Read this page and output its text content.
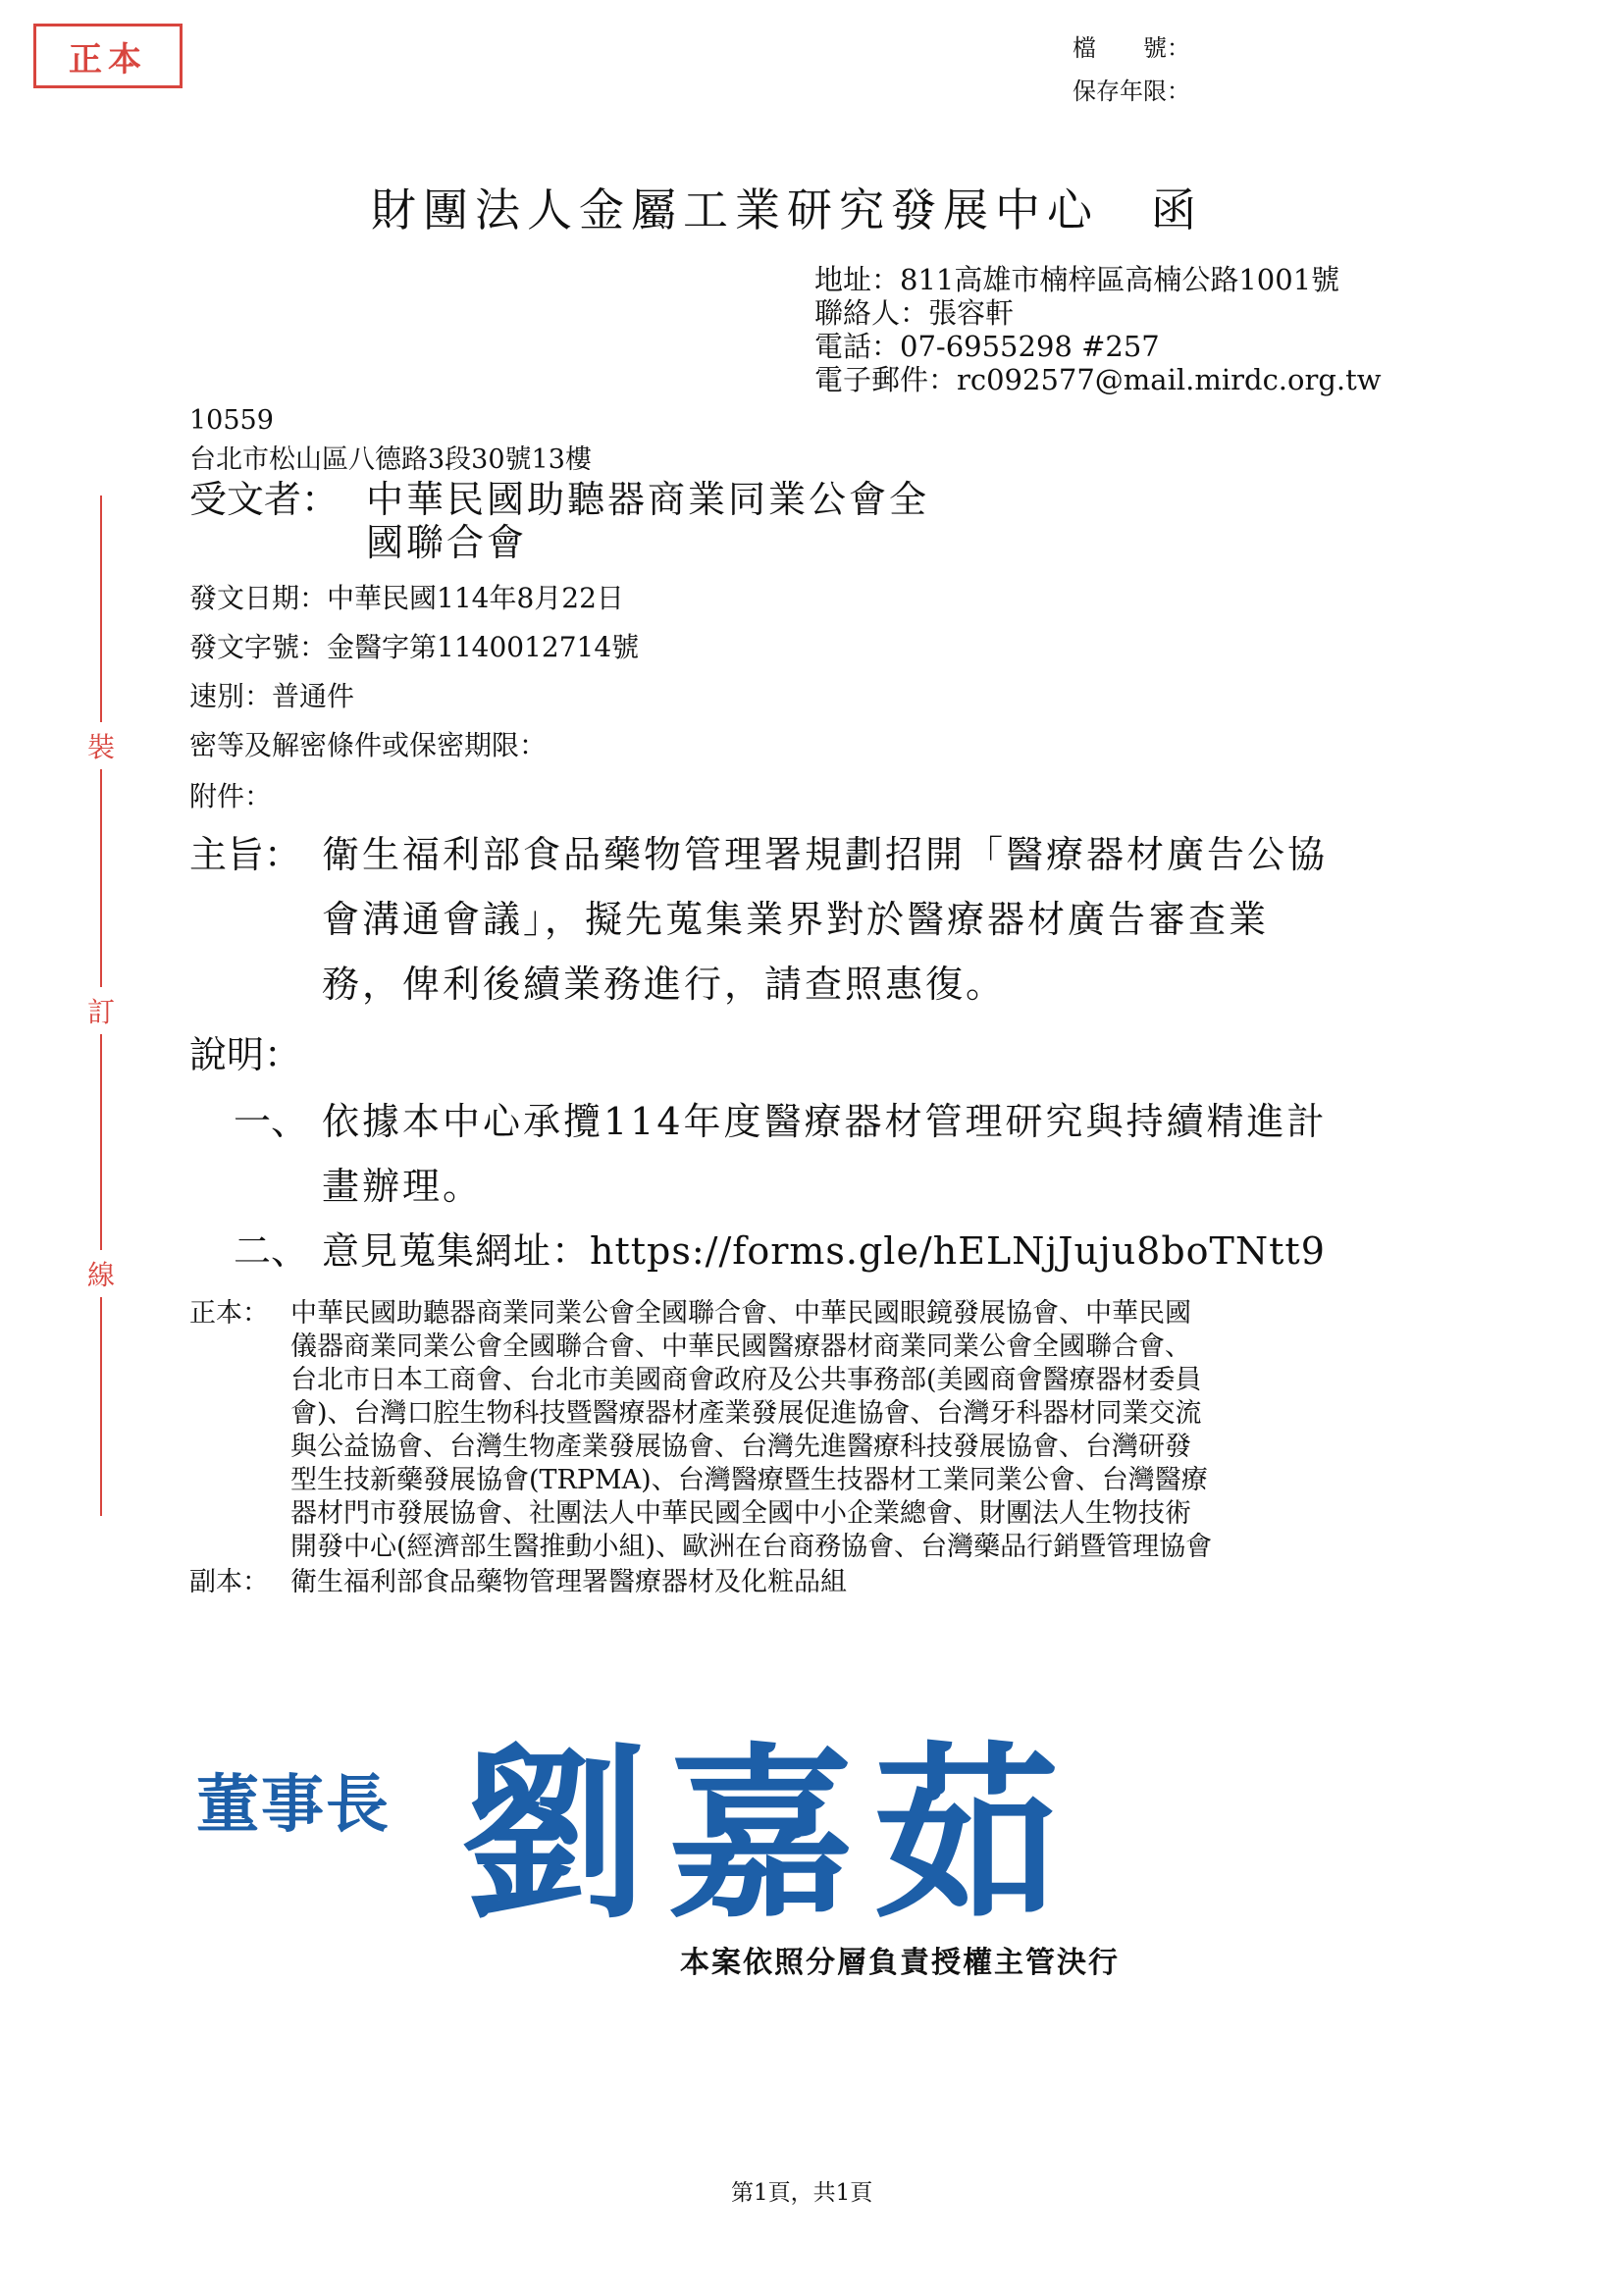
正本	檔　　號：
保存年限：
財團法人金屬工業研究發展中心　函
地址：811高雄市楠梓區高楠公路1001號
聯絡人：張容軒
電話：07-6955298 #257
電子郵件：rc092577@mail.mirdc.org.tw
10559
台北市松山區八德路3段30號13樓
受文者： 中華民國助聽器商業同業公會全
國聯合會
發文日期：中華民國114年8月22日
發文字號：金醫字第1140012714號
速別：普通件
密等及解密條件或保密期限：
附件：
主旨： 衛生福利部食品藥物管理署規劃招開「醫療器材廣告公協
會溝通會議」，擬先蒐集業界對於醫療器材廣告審查業
務，俾利後續業務進行，請查照惠復。
說明：
一、 依據本中心承攬114年度醫療器材管理研究與持續精進計
畫辦理。
二、 意見蒐集網址：https://forms.gle/hELNjJuju8boTNtt9
裝
訂
線
正本： 中華民國助聽器商業同業公會全國聯合會、中華民國眼鏡發展協會、中華民國
儀器商業同業公會全國聯合會、中華民國醫療器材商業同業公會全國聯合會、
台北市日本工商會、台北市美國商會政府及公共事務部(美國商會醫療器材委員
會)、台灣口腔生物科技暨醫療器材產業發展促進協會、台灣牙科器材同業交流
與公益協會、台灣生物產業發展協會、台灣先進醫療科技發展協會、台灣研發
型生技新藥發展協會(TRPMA)、台灣醫療暨生技器材工業同業公會、台灣醫療
器材門市發展協會、社團法人中華民國全國中小企業總會、財團法人生物技術
開發中心(經濟部生醫推動小組)、歐洲在台商務協會、台灣藥品行銷暨管理協會
副本： 衛生福利部食品藥物管理署醫療器材及化粧品組
董事長 劉嘉茹
本案依照分層負責授權主管決行
第1頁，共1頁
